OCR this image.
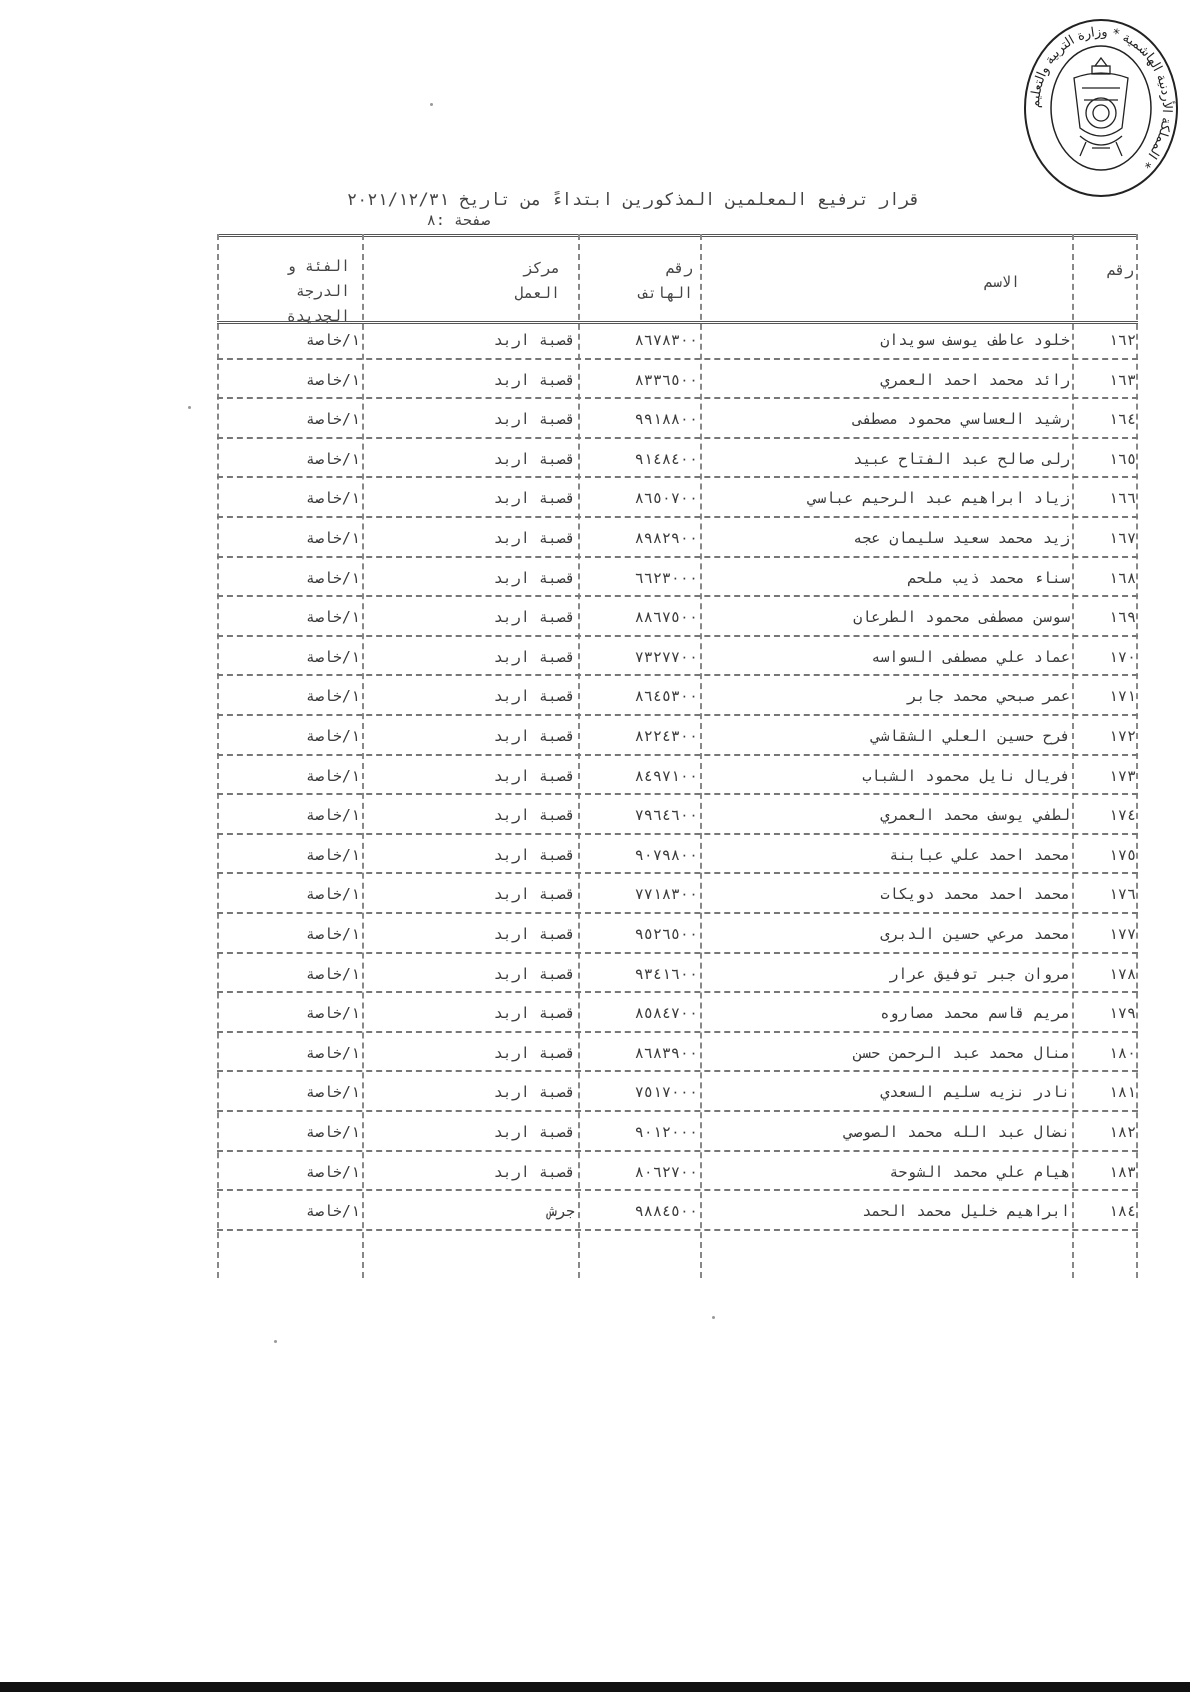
المملكة الأردنية الهاشمية * وزارة التربية والتعليم *
قرار ترفيع المعلمين المذكورين ابتداءً من تاريخ ٢٠٢١/١٢/٣١
صفحة :٨
رقم
الاسم
رقم
الهاتف
مركز
العمل
الفئة و
الدرجة
الجديدة
١٦٢
خلود عاطف يوسف سويدان
٨٦٧٨٣٠٠
قصبة اربد
١/خاصة
١٦٣
رائد محمد احمد العمري
٨٣٣٦٥٠٠
قصبة اربد
١/خاصة
١٦٤
رشيد العساسي محمود مصطفى
٩٩١٨٨٠٠
قصبة اربد
١/خاصة
١٦٥
رلى صالح عبد الفتاح عبيد
٩١٤٨٤٠٠
قصبة اربد
١/خاصة
١٦٦
زياد ابراهيم عبد الرحيم عباسي
٨٦٥٠٧٠٠
قصبة اربد
١/خاصة
١٦٧
زيد محمد سعيد سليمان عجه
٨٩٨٢٩٠٠
قصبة اربد
١/خاصة
١٦٨
سناء محمد ذيب ملحم
٦٦٢٣٠٠٠
قصبة اربد
١/خاصة
١٦٩
سوسن مصطفى محمود الطرعان
٨٨٦٧٥٠٠
قصبة اربد
١/خاصة
١٧٠
عماد علي مصطفى السواسه
٧٣٢٧٧٠٠
قصبة اربد
١/خاصة
١٧١
عمر صبحي محمد جابر
٨٦٤٥٣٠٠
قصبة اربد
١/خاصة
١٧٢
فرح حسين العلي الشقاشي
٨٢٢٤٣٠٠
قصبة اربد
١/خاصة
١٧٣
فريال نايل محمود الشباب
٨٤٩٧١٠٠
قصبة اربد
١/خاصة
١٧٤
لطفي يوسف محمد العمري
٧٩٦٤٦٠٠
قصبة اربد
١/خاصة
١٧٥
محمد احمد علي عبابنة
٩٠٧٩٨٠٠
قصبة اربد
١/خاصة
١٧٦
محمد احمد محمد دويكات
٧٧١٨٣٠٠
قصبة اربد
١/خاصة
١٧٧
محمد مرعي حسين الدبرى
٩٥٢٦٥٠٠
قصبة اربد
١/خاصة
١٧٨
مروان جبر توفيق عرار
٩٣٤١٦٠٠
قصبة اربد
١/خاصة
١٧٩
مريم قاسم محمد مصاروه
٨٥٨٤٧٠٠
قصبة اربد
١/خاصة
١٨٠
منال محمد عبد الرحمن حسن
٨٦٨٣٩٠٠
قصبة اربد
١/خاصة
١٨١
نادر نزيه سليم السعدي
٧٥١٧٠٠٠
قصبة اربد
١/خاصة
١٨٢
نضال عبد الله محمد الصوصي
٩٠١٢٠٠٠
قصبة اربد
١/خاصة
١٨٣
هيام علي محمد الشوحة
٨٠٦٢٧٠٠
قصبة اربد
١/خاصة
١٨٤
ابراهيم خليل محمد الحمد
٩٨٨٤٥٠٠
جرش
١/خاصة
